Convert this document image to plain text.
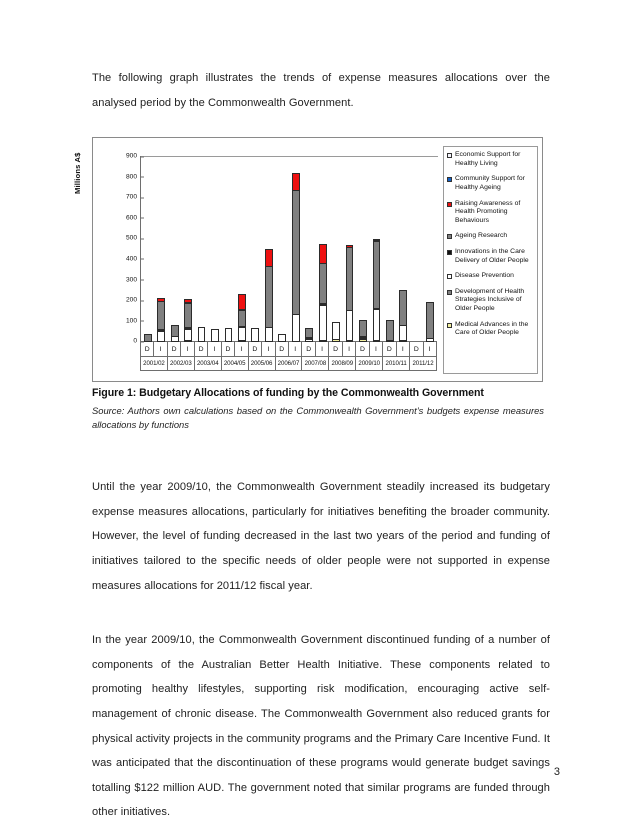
The following graph illustrates the trends of expense measures allocations over the analysed period by the Commonwealth Government.

Millions A$	900
800
700
600
500
400
300
200
100
0
D	I	D	I	D	I	D	I	D	I	D	I	D	I	D	I	D	I	D	I	D	I
2001/02 2002/03 2003/04 2004/05 2005/06 2006/07 2007/08 2008/09 2009/10 2010/11 2011/12
Economic Support for Healthy Living
Community Support for Healthy Ageing
Raising Awareness of Health Promoting Behaviours
Ageing Research
Innovations in the Care Delivery of Older People
Disease Prevention
Development of Health Strategies Inclusive of Older People
Medical Advances in the Care of Older People
Figure 1: Budgetary Allocations of funding by the Commonwealth Government
Source: Authors own calculations based on the Commonwealth Government’s budgets expense measures allocations by functions

Until the year 2009/10, the Commonwealth Government steadily increased its budgetary expense measures allocations, particularly for initiatives benefiting the broader community. However, the level of funding decreased in the last two years of the period and funding of initiatives tailored to the specific needs of older people were not supported in expense measures allocations for 2011/12 fiscal year.

In the year 2009/10, the Commonwealth Government discontinued funding of a number of components of the Australian Better Health Initiative. These components related to promoting healthy lifestyles, supporting risk modification, encouraging active self-management of chronic disease. The Commonwealth Government also reduced grants for physical activity projects in the community programs and the Primary Care Incentive Fund. It was anticipated that the discontinuation of these programs would generate budget savings totalling $122 million AUD. The government noted that similar programs are funded through other initiatives.

3
